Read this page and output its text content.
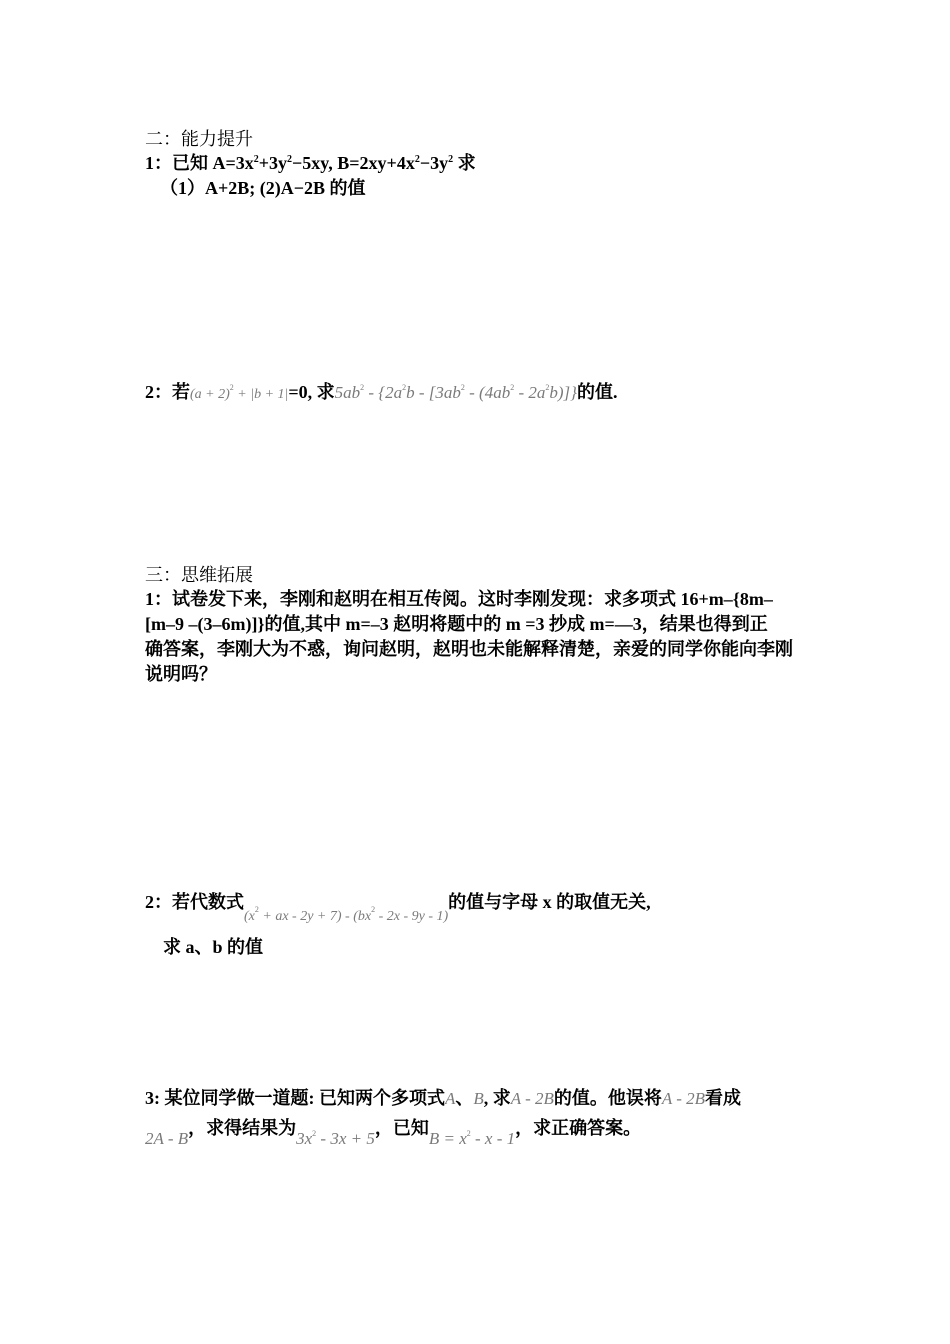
二：能力提升
1：已知 $A=3x^2+3y^2-5xy$, $B=2xy+4x^2-3y^2$ 求
（1）A+2B; (2)A−2B 的值
2：若$(a + 2)^2 + |b + 1|=0$, 求$5ab^2 - \{2a^2b - [3ab^2 - (4ab^2 - 2a^2b)]\}$的值.
三：思维拓展
1：试卷发下来，李刚和赵明在相互传阅。这时李刚发现：求多项式 16+m–{8m–
[m–9 –(3–6m)]}的值,其中 m=–3 赵明将题中的 m =3 抄成 m=—3，结果也得到正
确答案，李刚大为不惑，询问赵明，赵明也未能解释清楚，亲爱的同学你能向李刚
说明吗？
2：若代数式$_{(x^2 + ax - 2y + 7) - (bx^2 - 2x - 9y - 1)}$的值与字母 x 的取值无关,
求 a、b 的值
3: 某位同学做一道题: 已知两个多项式A、B, 求A - 2B的值。他误将A - 2B看成
2A - B，求得结果为$3x^2 - 3x + 5$，已知$B = x^2 - x - 1$，求正确答案。
